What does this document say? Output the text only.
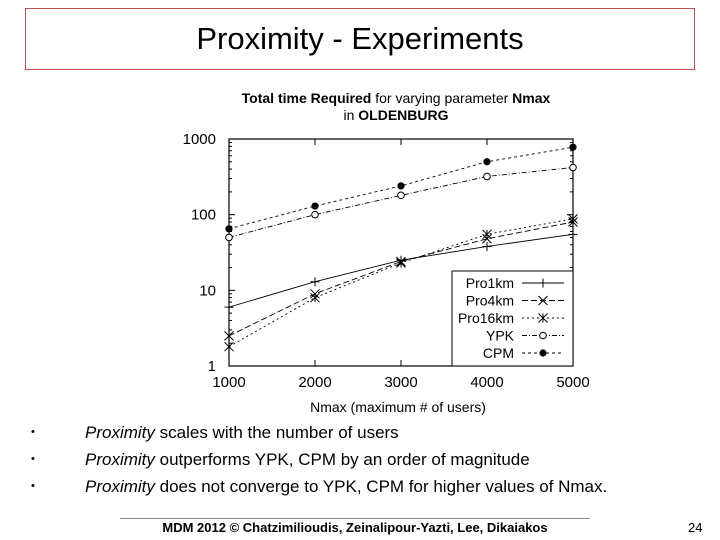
Proximity - Experiments
Total time Required for varying parameter Nmax
in OLDENBURG
1000	2000	3000	4000	5000
1
10
100
1000
Nmax (maximum # of users)
Pro1km
Pro4km
Pro16km
YPK
CPM
•	Proximity scales with the number of users
•	Proximity outperforms YPK, CPM by an order of magnitude
•	Proximity does not converge to YPK, CPM for higher values of Nmax.
MDM 2012 © Chatzimilioudis, Zeinalipour-Yazti, Lee, Dikaiakos	24
